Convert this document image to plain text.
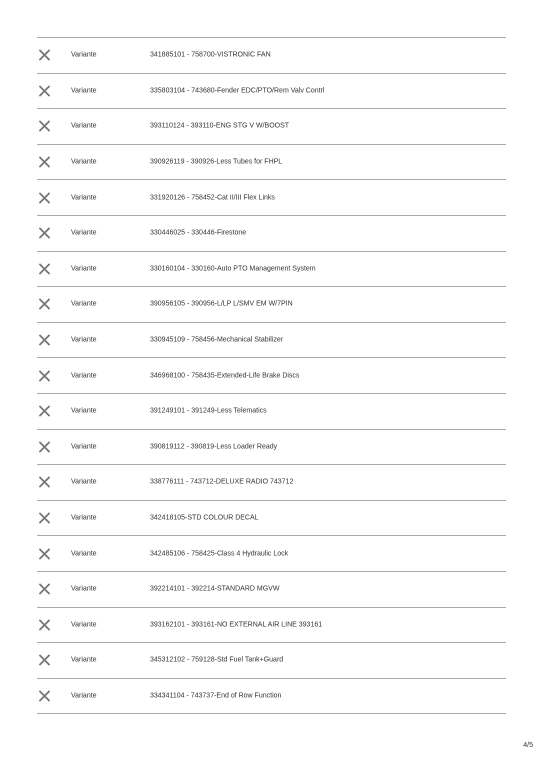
Variante	341885101 - 758700-VISTRONIC FAN
Variante	335803104 - 743680-Fender EDC/PTO/Rem Valv Contrl
Variante	393110124 - 393110-ENG STG V W/BOOST
Variante	390926119 - 390926-Less Tubes for FHPL
Variante	331920126 - 758452-Cat II/III Flex Links
Variante	330446025 - 330446-Firestone
Variante	330160104 - 330160-Auto PTO Management System
Variante	390956105 - 390956-L/LP L/SMV EM W/7PIN
Variante	330945109 - 758456-Mechanical Stabilizer
Variante	346968100 - 758435-Extended-Life Brake Discs
Variante	391249101 - 391249-Less Telematics
Variante	390819112 - 390819-Less Loader Ready
Variante	338776111 - 743712-DELUXE RADIO 743712
Variante	342418105-STD COLOUR DECAL
Variante	342485106 - 758425-Class 4 Hydraulic Lock
Variante	392214101 - 392214-STANDARD MGVW
Variante	393162101 - 393161-NO EXTERNAL AIR LINE 393161
Variante	345312102 - 759128-Std Fuel Tank+Guard
Variante	334341104 - 743737-End of Row Function
4/5
